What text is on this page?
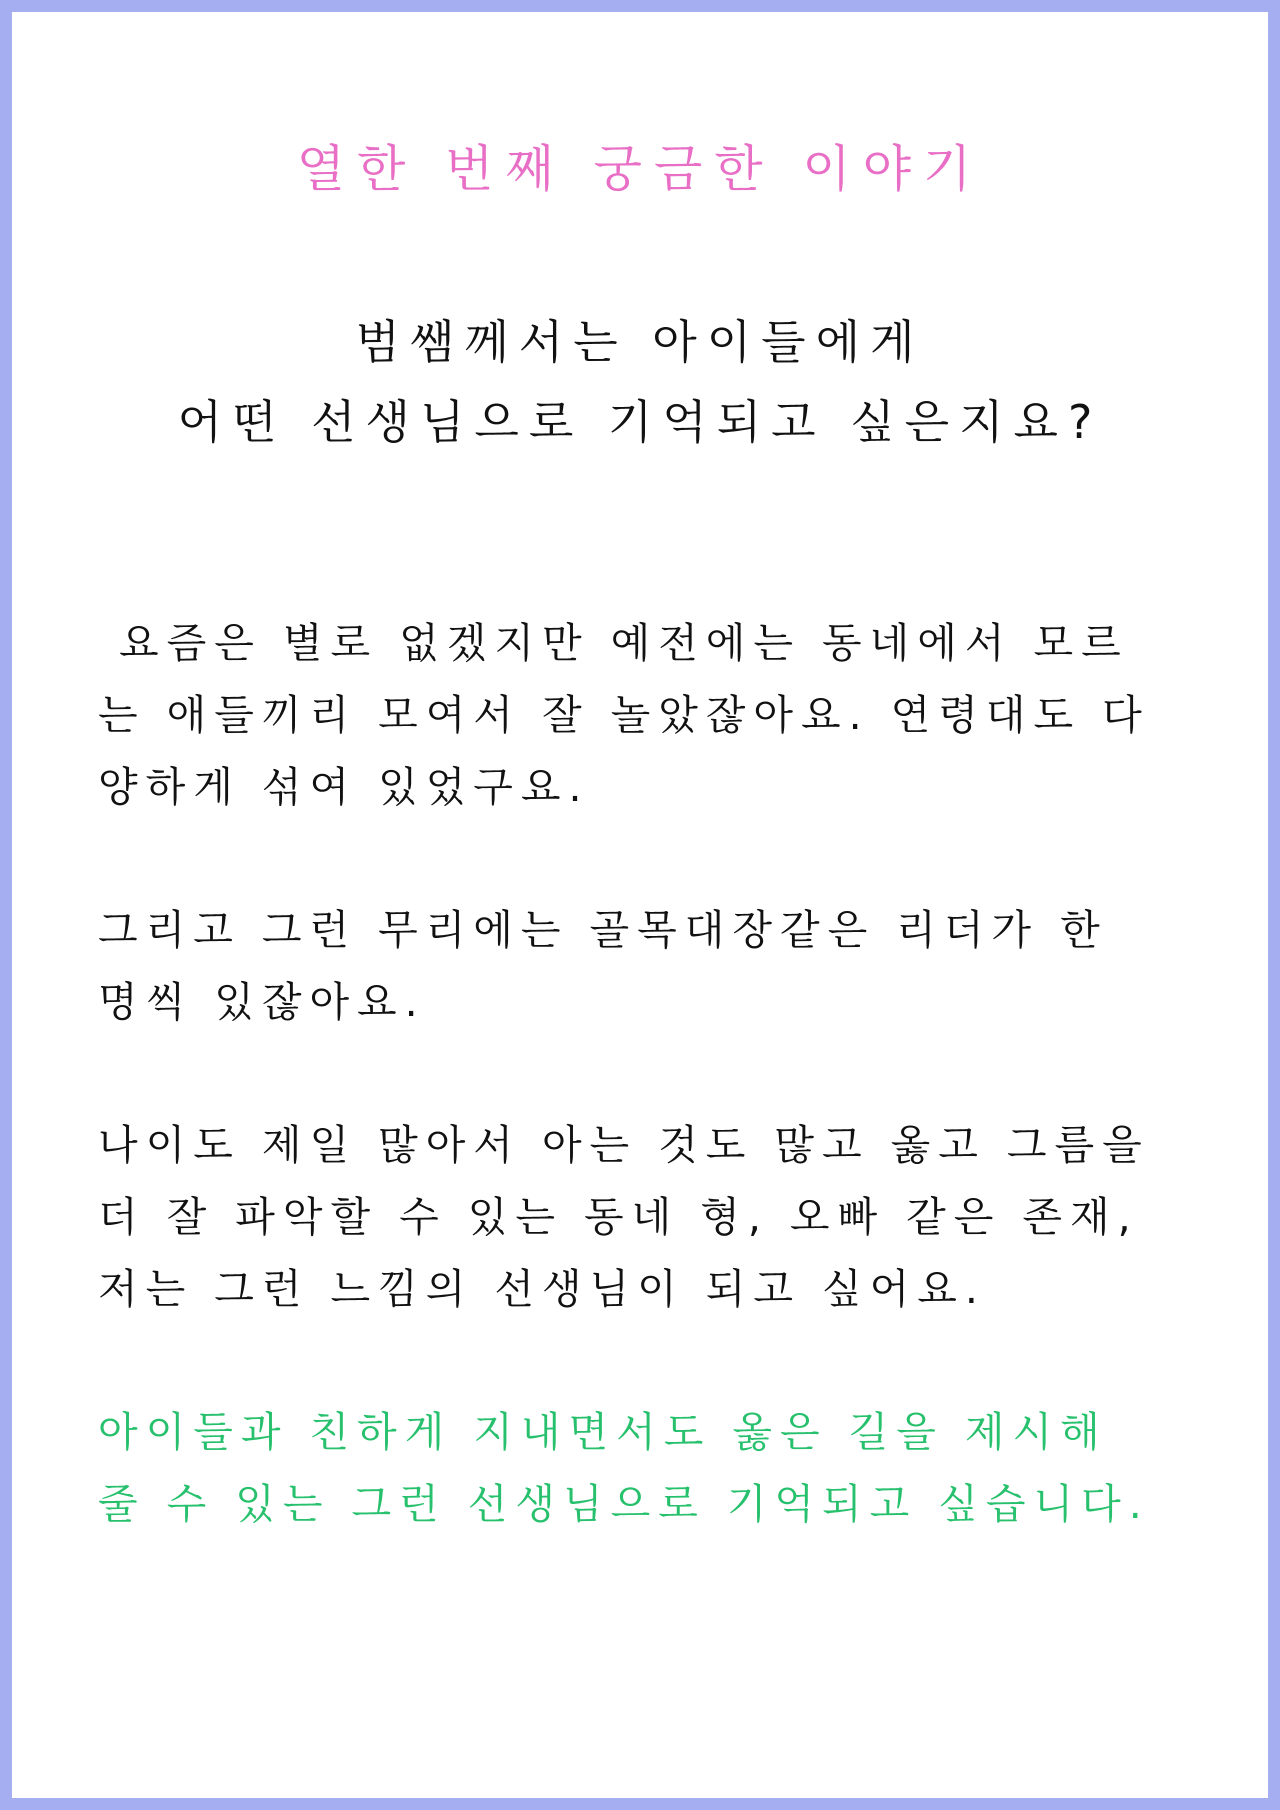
열한 번째 궁금한 이야기
범쌤께서는 아이들에게
어떤 선생님으로 기억되고 싶은지요?
요즘은 별로 없겠지만 예전에는 동네에서 모르
는 애들끼리 모여서 잘 놀았잖아요. 연령대도 다
양하게 섞여 있었구요.
그리고 그런 무리에는 골목대장같은 리더가 한
명씩 있잖아요.
나이도 제일 많아서 아는 것도 많고 옳고 그름을
더 잘 파악할 수 있는 동네 형, 오빠 같은 존재,
저는 그런 느낌의 선생님이 되고 싶어요.
아이들과 친하게 지내면서도 옳은 길을 제시해
줄 수 있는 그런 선생님으로 기억되고 싶습니다.
